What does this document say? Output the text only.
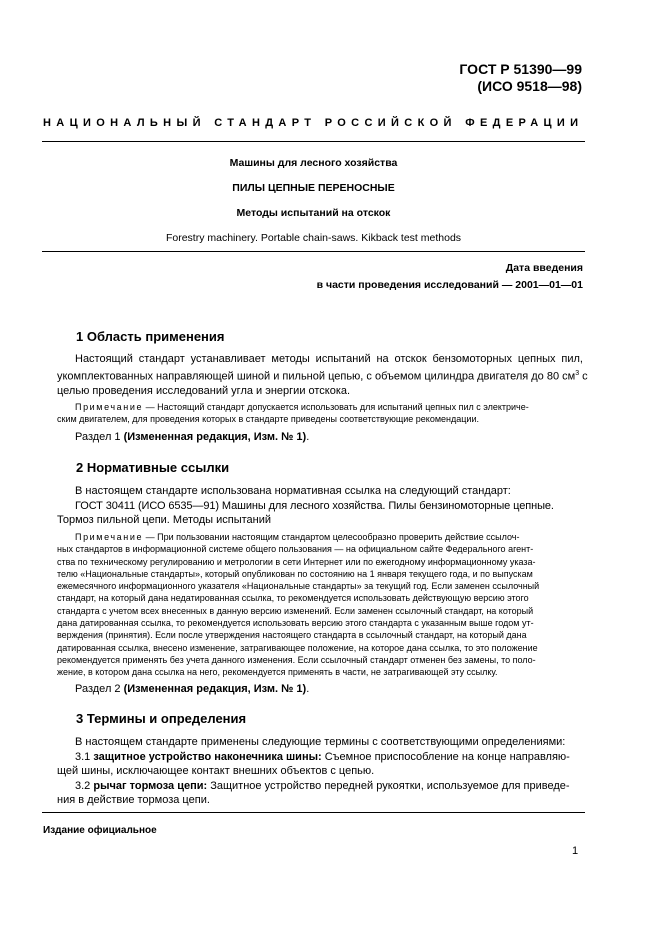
ГОСТ Р 51390—99
(ИСО 9518—98)
НАЦИОНАЛЬНЫЙ СТАНДАРТ РОССИЙСКОЙ ФЕДЕРАЦИИ
Машины для лесного хозяйства
ПИЛЫ ЦЕПНЫЕ ПЕРЕНОСНЫЕ
Методы испытаний на отскок
Forestry machinery. Portable chain-saws. Kikback test methods
Дата введения
в части проведения исследований — 2001—01—01
1 Область применения
Настоящий стандарт устанавливает методы испытаний на отскок бензомоторных цепных пил,
укомплектованных направляющей шиной и пильной цепью, с объемом цилиндра двигателя до 80 $см^3$ с
целью проведения исследований угла и энергии отскока.
Примечание — Настоящий стандарт допускается использовать для испытаний цепных пил с электриче-
ским двигателем, для проведения которых в стандарте приведены соответствующие рекомендации.
Раздел 1 (Измененная редакция, Изм. № 1).
2 Нормативные ссылки
В настоящем стандарте использована нормативная ссылка на следующий стандарт:
ГОСТ 30411 (ИСО 6535—91) Машины для лесного хозяйства. Пилы бензиномоторные цепные.
Тормоз пильной цепи. Методы испытаний
Примечание — При пользовании настоящим стандартом целесообразно проверить действие ссылоч-
ных стандартов в информационной системе общего пользования — на официальном сайте Федерального агент-
ства по техническому регулированию и метрологии в сети Интернет или по ежегодному информационному указа-
телю «Национальные стандарты», который опубликован по состоянию на 1 января текущего года, и по выпускам
ежемесячного информационного указателя «Национальные стандарты» за текущий год. Если заменен ссылочный
стандарт, на который дана недатированная ссылка, то рекомендуется использовать действующую версию этого
стандарта с учетом всех внесенных в данную версию изменений. Если заменен ссылочный стандарт, на который
дана датированная ссылка, то рекомендуется использовать версию этого стандарта с указанным выше годом ут-
верждения (принятия). Если после утверждения настоящего стандарта в ссылочный стандарт, на который дана
датированная ссылка, внесено изменение, затрагивающее положение, на которое дана ссылка, то это положение
рекомендуется применять без учета данного изменения. Если ссылочный стандарт отменен без замены, то поло-
жение, в котором дана ссылка на него, рекомендуется применять в части, не затрагивающей эту ссылку.
Раздел 2 (Измененная редакция, Изм. № 1).
3 Термины и определения
В настоящем стандарте применены следующие термины с соответствующими определениями:
3.1 защитное устройство наконечника шины: Съемное приспособление на конце направляю-
щей шины, исключающее контакт внешних объектов с цепью.
3.2 рычаг тормоза цепи: Защитное устройство передней рукоятки, используемое для приведе-
ния в действие тормоза цепи.
Издание официальное
1
